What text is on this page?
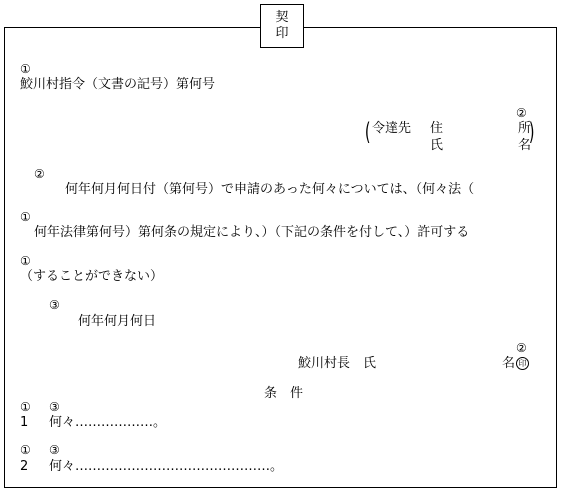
契
印
①
鮫川村指令（文書の記号）第何号
②
( 令達先 住	所
氏	名
)
②
何年何月何日付（第何号）で申請のあった何々については、（何々法（
①
何年法律第何号）第何条の規定により、）（下記の条件を付して、）許可する
①
（することができない）
③
何年何月何日
②
鮫川村長　氏	名 印
条　件
① ③
1 何々………………。
① ③
2 何々………………………………………。
